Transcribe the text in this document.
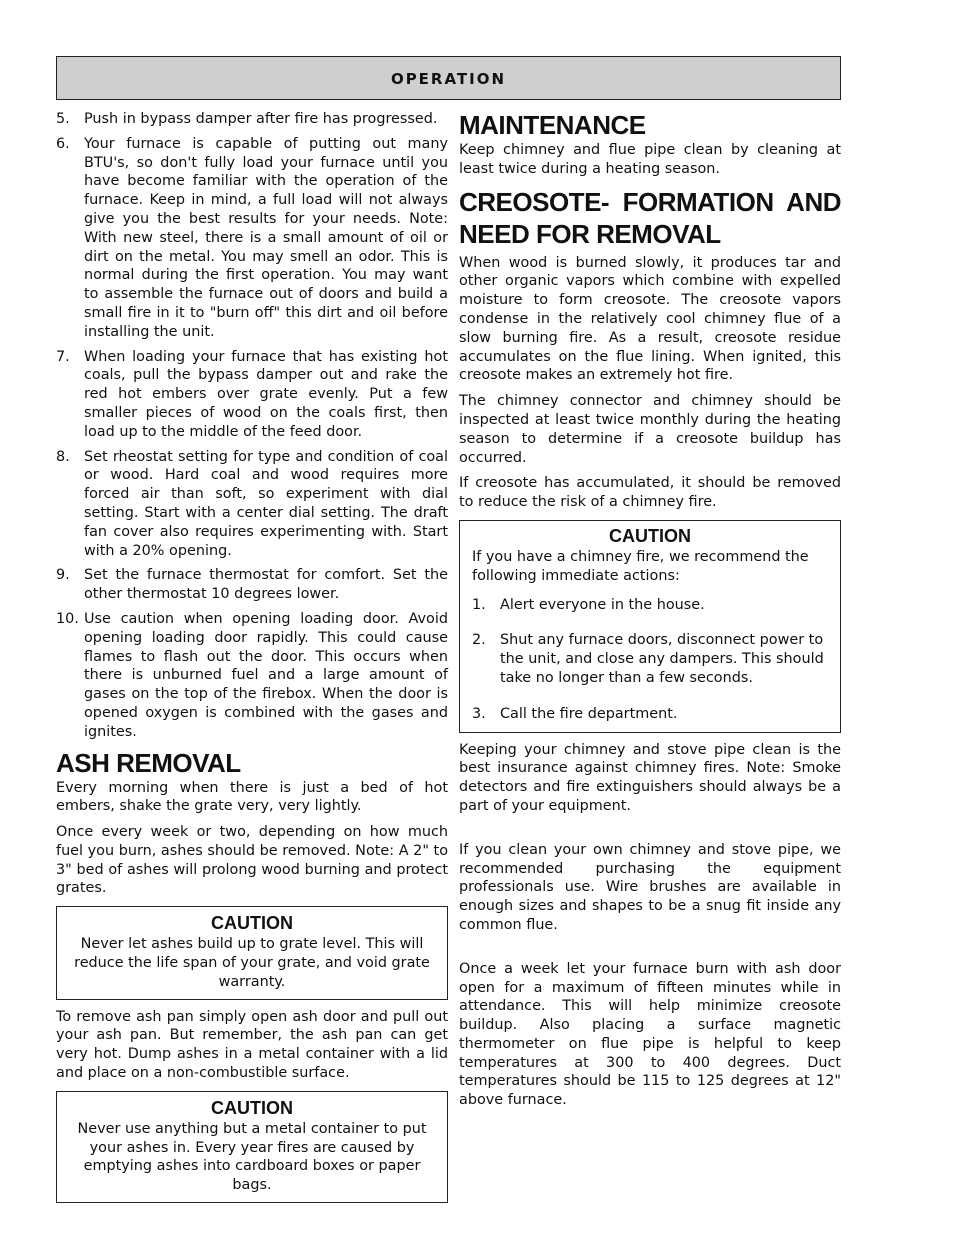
OPERATION
5. Push in bypass damper after fire has progressed.
6. Your furnace is capable of putting out many BTU's, so don't fully load your furnace until you have become familiar with the operation of the furnace. Keep in mind, a full load will not always give you the best results for your needs. Note: With new steel, there is a small amount of oil or dirt on the metal. You may smell an odor. This is normal during the first operation. You may want to assemble the furnace out of doors and build a small fire in it to "burn off" this dirt and oil before installing the unit.
7. When loading your furnace that has existing hot coals, pull the bypass damper out and rake the red hot embers over grate evenly. Put a few smaller pieces of wood on the coals first, then load up to the middle of the feed door.
8. Set rheostat setting for type and condition of coal or wood. Hard coal and wood requires more forced air than soft, so experiment with dial setting. Start with a center dial setting. The draft fan cover also requires experimenting with. Start with a 20% opening.
9. Set the furnace thermostat for comfort. Set the other thermostat 10 degrees lower.
10. Use caution when opening loading door. Avoid opening loading door rapidly. This could cause flames to flash out the door. This occurs when there is unburned fuel and a large amount of gases on the top of the firebox. When the door is opened oxygen is combined with the gases and ignites.
ASH REMOVAL

Every morning when there is just a bed of hot embers, shake the grate very, very lightly.

Once every week or two, depending on how much fuel you burn, ashes should be removed. Note: A 2" to 3" bed of ashes will prolong wood burning and protect grates.

CAUTION
Never let ashes build up to grate level. This will reduce the life span of your grate, and void grate warranty.

To remove ash pan simply open ash door and pull out your ash pan. But remember, the ash pan can get very hot. Dump ashes in a metal container with a lid and place on a non-combustible surface.

CAUTION
Never use anything but a metal container to put your ashes in. Every year fires are caused by emptying ashes into cardboard boxes or paper bags.
MAINTENANCE

Keep chimney and flue pipe clean by cleaning at least twice during a heating season.

CREOSOTE- FORMATION AND NEED FOR REMOVAL

When wood is burned slowly, it produces tar and other organic vapors which combine with expelled moisture to form creosote. The creosote vapors condense in the relatively cool chimney flue of a slow burning fire. As a result, creosote residue accumulates on the flue lining. When ignited, this creosote makes an extremely hot fire.

The chimney connector and chimney should be inspected at least twice monthly during the heating season to determine if a creosote buildup has occurred.

If creosote has accumulated, it should be removed to reduce the risk of a chimney fire.

CAUTION
If you have a chimney fire, we recommend the following immediate actions:
1. Alert everyone in the house.
2. Shut any furnace doors, disconnect power to the unit, and close any dampers. This should take no longer than a few seconds.
3. Call the fire department.

Keeping your chimney and stove pipe clean is the best insurance against chimney fires. Note: Smoke detectors and fire extinguishers should always be a part of your equipment.

If you clean your own chimney and stove pipe, we recommended purchasing the equipment professionals use. Wire brushes are available in enough sizes and shapes to be a snug fit inside any common flue.

Once a week let your furnace burn with ash door open for a maximum of fifteen minutes while in attendance. This will help minimize creosote buildup. Also placing a surface magnetic thermometer on flue pipe is helpful to keep temperatures at 300 to 400 degrees. Duct temperatures should be 115 to 125 degrees at 12" above furnace.
